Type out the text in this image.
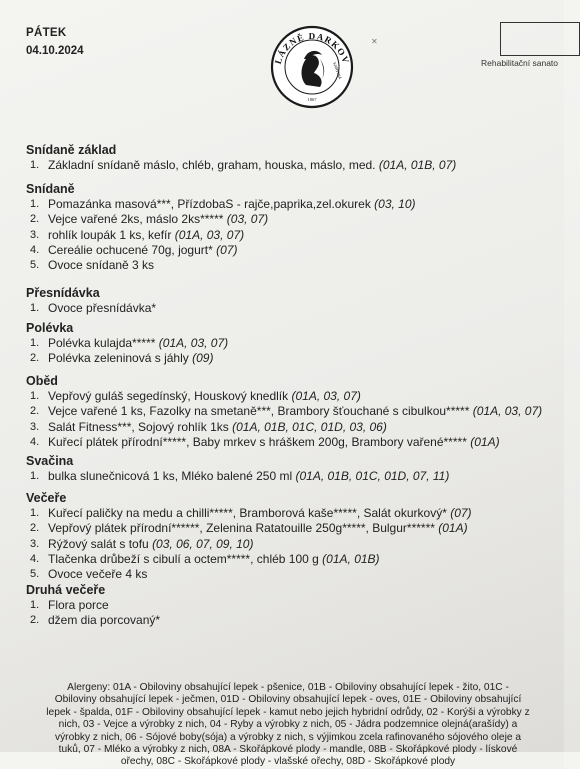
PÁTEK
04.10.2024
LÁZNĚ DARKOV
KARVINÁ
1867
✕
Rehabilitační sanato
Snídaně základ
1. Základní snídaně máslo, chléb, graham, houska, máslo, med. (01A, 01B, 07)
Snídaně
1. Pomazánka masová***, PřízdobaS - rajče,paprika,zel.okurek (03, 10)
2. Vejce vařené 2ks, máslo 2ks***** (03, 07)
3. rohlík loupák 1 ks, kefír (01A, 03, 07)
4. Cereálie ochucené 70g, jogurt* (07)
5. Ovoce snídaně 3 ks
Přesnídávka
1. Ovoce přesnídávka*
Polévka
1. Polévka kulajda***** (01A, 03, 07)
2. Polévka zeleninová s jáhly (09)
Oběd
1. Vepřový guláš segedínský, Houskový knedlík (01A, 03, 07)
2. Vejce vařené 1 ks, Fazolky na smetaně***, Brambory šťouchané s cibulkou***** (01A, 03, 07)
3. Salát Fitness***, Sojový rohlík 1ks (01A, 01B, 01C, 01D, 03, 06)
4. Kuřecí plátek přírodní*****, Baby mrkev s hráškem 200g, Brambory vařené***** (01A)
Svačina
1. bulka slunečnicová 1 ks, Mléko balené 250 ml (01A, 01B, 01C, 01D, 07, 11)
Večeře
1. Kuřecí paličky na medu a chilli*****, Bramborová kaše*****, Salát okurkový* (07)
2. Vepřový plátek přírodní******, Zelenina Ratatouille 250g*****, Bulgur****** (01A)
3. Rýžový salát s tofu (03, 06, 07, 09, 10)
4. Tlačenka drůbeží s cibulí a octem*****, chléb 100 g (01A, 01B)
5. Ovoce večeře 4 ks
Druhá večeře
1. Flora porce
2. džem dia porcovaný*
Alergeny: 01A - Obiloviny obsahující lepek - pšenice, 01B - Obiloviny obsahující lepek - žito, 01C -
Obiloviny obsahující lepek - ječmen, 01D - Obiloviny obsahující lepek - oves, 01E - Obiloviny obsahující
lepek - špalda, 01F - Obiloviny obsahující lepek - kamut nebo jejich hybridní odrůdy, 02 - Korýši a výrobky z
nich, 03 - Vejce a výrobky z nich, 04 - Ryby a výrobky z nich, 05 - Jádra podzemnice olejná(arašídy) a
výrobky z nich, 06 - Sójové boby(sója) a výrobky z nich, s výjimkou zcela rafinovaného sójového oleje a
tuků, 07 - Mléko a výrobky z nich, 08A - Skořápkové plody - mandle, 08B - Skořápkové plody - lískové
ořechy, 08C - Skořápkové plody - vlašské ořechy, 08D - Skořápkové plody
